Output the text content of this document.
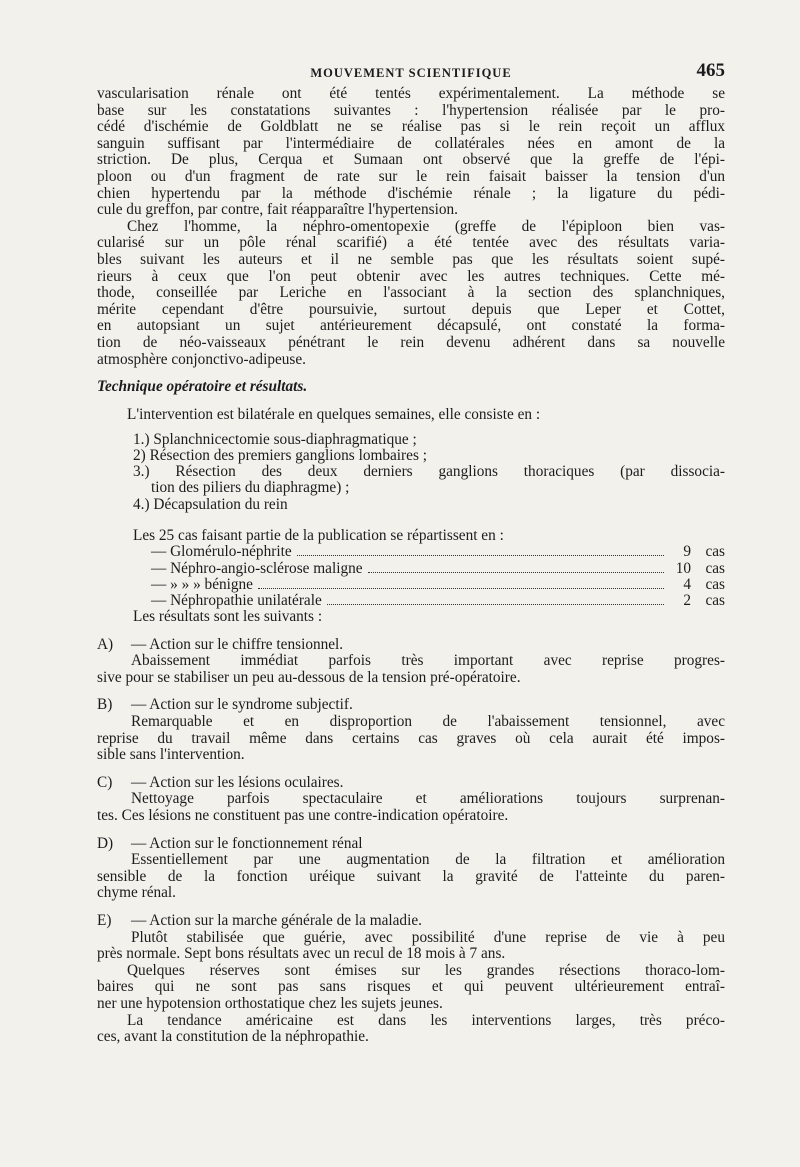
MOUVEMENT SCIENTIFIQUE	465

vascularisation rénale ont été tentés expérimentalement. La méthode se

base sur les constatations suivantes : l'hypertension réalisée par le pro-

cédé d'ischémie de Goldblatt ne se réalise pas si le rein reçoit un afflux

sanguin suffisant par l'intermédiaire de collatérales nées en amont de la

striction. De plus, Cerqua et Sumaan ont observé que la greffe de l'épi-

ploon ou d'un fragment de rate sur le rein faisait baisser la tension d'un

chien hypertendu par la méthode d'ischémie rénale ; la ligature du pédi-

cule du greffon, par contre, fait réapparaître l'hypertension.

Chez l'homme, la néphro-omentopexie (greffe de l'épiploon bien vas-

cularisé sur un pôle rénal scarifié) a été tentée avec des résultats varia-

bles suivant les auteurs et il ne semble pas que les résultats soient supé-

rieurs à ceux que l'on peut obtenir avec les autres techniques. Cette mé-

thode, conseillée par Leriche en l'associant à la section des splanchniques,

mérite cependant d'être poursuivie, surtout depuis que Leper et Cottet,

en autopsiant un sujet antérieurement décapsulé, ont constaté la forma-

tion de néo-vaisseaux pénétrant le rein devenu adhérent dans sa nouvelle

atmosphère conjonctivo-adipeuse.

Technique opératoire et résultats.

L'intervention est bilatérale en quelques semaines, elle consiste en :

1.) Splanchnicectomie sous-diaphragmatique ;

2) Résection des premiers ganglions lombaires ;

3.) Résection des deux derniers ganglions thoraciques (par dissocia-

tion des piliers du diaphragme) ;

4.) Décapsulation du rein

Les 25 cas faisant partie de la publication se répartissent en :

— Glomérulo-néphrite	9 cas
— Néphro-angio-sclérose maligne	10 cas
— » » » bénigne	4 cas
— Néphropathie unilatérale	2 cas

Les résultats sont les suivants :

A) — Action sur le chiffre tensionnel.

Abaissement immédiat parfois très important avec reprise progres-

sive pour se stabiliser un peu au-dessous de la tension pré-opératoire.

B) — Action sur le syndrome subjectif.

Remarquable et en disproportion de l'abaissement tensionnel, avec

reprise du travail même dans certains cas graves où cela aurait été impos-

sible sans l'intervention.

C) — Action sur les lésions oculaires.

Nettoyage parfois spectaculaire et améliorations toujours surprenan-

tes. Ces lésions ne constituent pas une contre-indication opératoire.

D) — Action sur le fonctionnement rénal

Essentiellement par une augmentation de la filtration et amélioration

sensible de la fonction uréique suivant la gravité de l'atteinte du paren-

chyme rénal.

E) — Action sur la marche générale de la maladie.

Plutôt stabilisée que guérie, avec possibilité d'une reprise de vie à peu

près normale. Sept bons résultats avec un recul de 18 mois à 7 ans.

Quelques réserves sont émises sur les grandes résections thoraco-lom-

baires qui ne sont pas sans risques et qui peuvent ultérieurement entraî-

ner une hypotension orthostatique chez les sujets jeunes.

La tendance américaine est dans les interventions larges, très préco-

ces, avant la constitution de la néphropathie.
